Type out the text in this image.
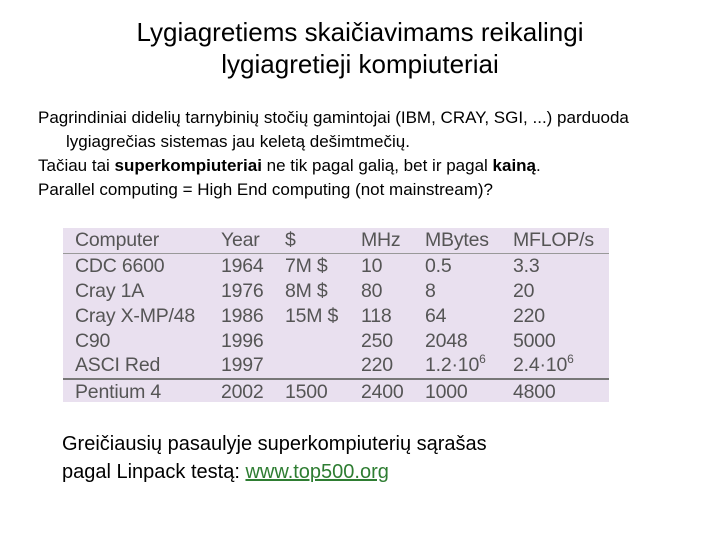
Lygiagretiems skaičiavimams reikalingi
lygiagretieji kompiuteriai

Pagrindiniai didelių tarnybinių stočių gamintojai (IBM, CRAY, SGI, ...) parduoda lygiagrečias sistemas jau keletą dešimtmečių.

Tačiau tai superkompiuteriai ne tik pagal galią, bet ir pagal kainą.

Parallel computing = High End computing (not mainstream)?

Computer	Year	$	MHz	MBytes	MFLOP/s
CDC 6600	1964	7M $	10	0.5	3.3
Cray 1A	1976	8M $	80	8	20
Cray X-MP/48	1986	15M $	118	64	220
C90	1996		250	2048	5000
ASCI Red	1997		220	$1.2\cdot 10^6$	$2.4\cdot 10^6$
Pentium 4	2002	1500	2400	1000	4800
Greičiausių pasaulyje superkompiuterių sąrašas
pagal Linpack testą: www.top500.org
